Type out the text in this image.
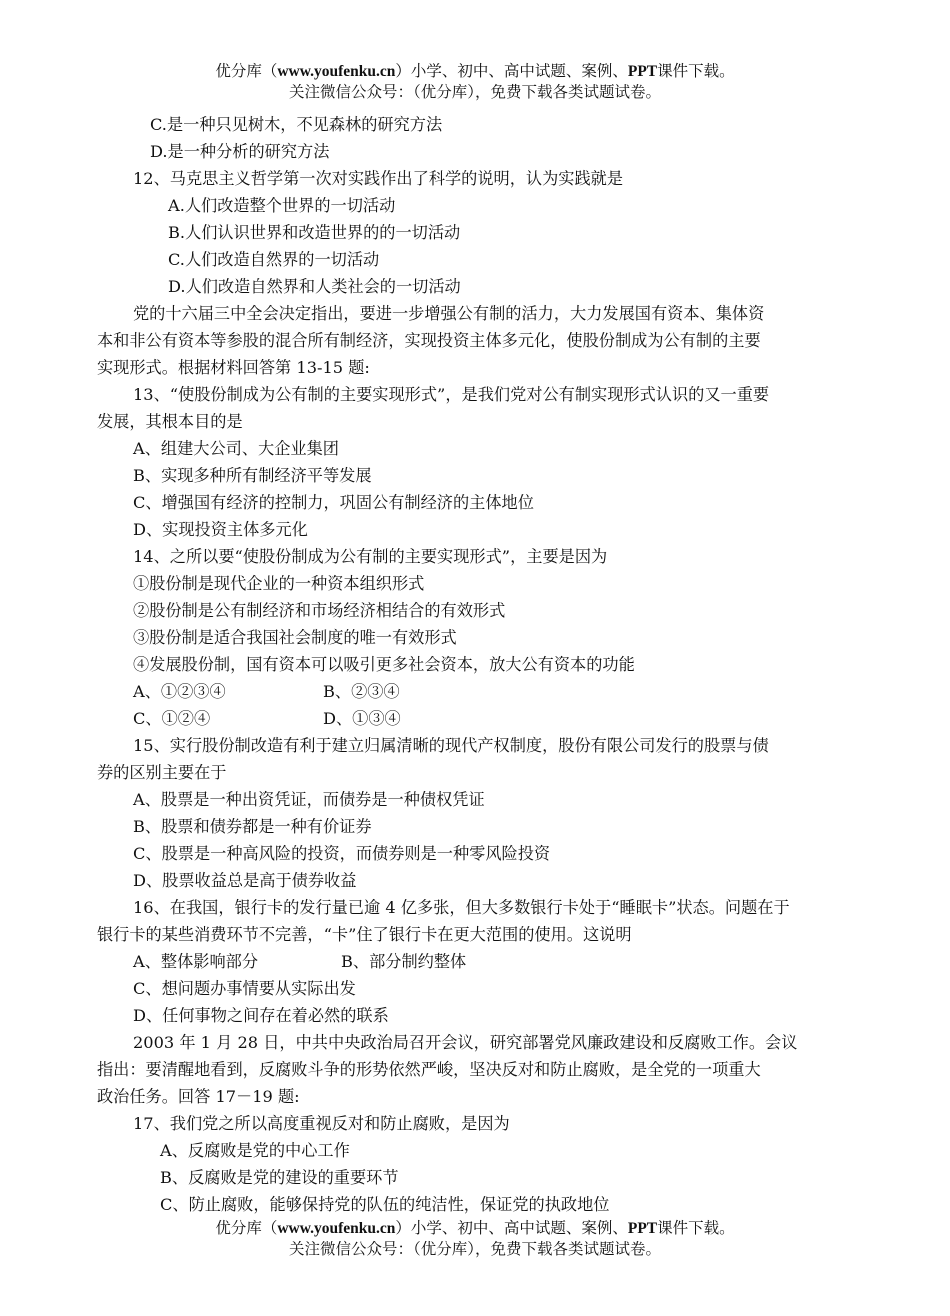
优分库（www.youfenku.cn）小学、初中、高中试题、案例、PPT课件下载。
关注微信公众号：（优分库），免费下载各类试题试卷。
C.是一种只见树木，不见森林的研究方法
D.是一种分析的研究方法
12、马克思主义哲学第一次对实践作出了科学的说明，认为实践就是
A.人们改造整个世界的一切活动
B.人们认识世界和改造世界的的一切活动
C.人们改造自然界的一切活动
D.人们改造自然界和人类社会的一切活动
党的十六届三中全会决定指出，要进一步增强公有制的活力，大力发展国有资本、集体资
本和非公有资本等参股的混合所有制经济，实现投资主体多元化，使股份制成为公有制的主要
实现形式。根据材料回答第 13-15 题:
13、“使股份制成为公有制的主要实现形式”，是我们党对公有制实现形式认识的又一重要
发展，其根本目的是
A、组建大公司、大企业集团
B、实现多种所有制经济平等发展
C、增强国有经济的控制力，巩固公有制经济的主体地位
D、实现投资主体多元化
14、之所以要“使股份制成为公有制的主要实现形式”，主要是因为
①股份制是现代企业的一种资本组织形式
②股份制是公有制经济和市场经济相结合的有效形式
③股份制是适合我国社会制度的唯一有效形式
④发展股份制，国有资本可以吸引更多社会资本，放大公有资本的功能
A、①②③④	B、②③④
C、①②④	D、①③④
15、实行股份制改造有利于建立归属清晰的现代产权制度，股份有限公司发行的股票与债
券的区别主要在于
A、股票是一种出资凭证，而债券是一种债权凭证
B、股票和债券都是一种有价证券
C、股票是一种高风险的投资，而债券则是一种零风险投资
D、股票收益总是高于债券收益
16、在我国，银行卡的发行量已逾 4 亿多张，但大多数银行卡处于“睡眠卡”状态。问题在于
银行卡的某些消费环节不完善，“卡”住了银行卡在更大范围的使用。这说明
A、整体影响部分	B、部分制约整体
C、想问题办事情要从实际出发
D、任何事物之间存在着必然的联系
2003 年 1 月 28 日，中共中央政治局召开会议，研究部署党风廉政建设和反腐败工作。会议
指出：要清醒地看到，反腐败斗争的形势依然严峻，坚决反对和防止腐败，是全党的一项重大
政治任务。回答 17－19 题:
17、我们党之所以高度重视反对和防止腐败，是因为
A、反腐败是党的中心工作
B、反腐败是党的建设的重要环节
C、防止腐败，能够保持党的队伍的纯洁性，保证党的执政地位
优分库（www.youfenku.cn）小学、初中、高中试题、案例、PPT课件下载。
关注微信公众号：（优分库），免费下载各类试题试卷。
